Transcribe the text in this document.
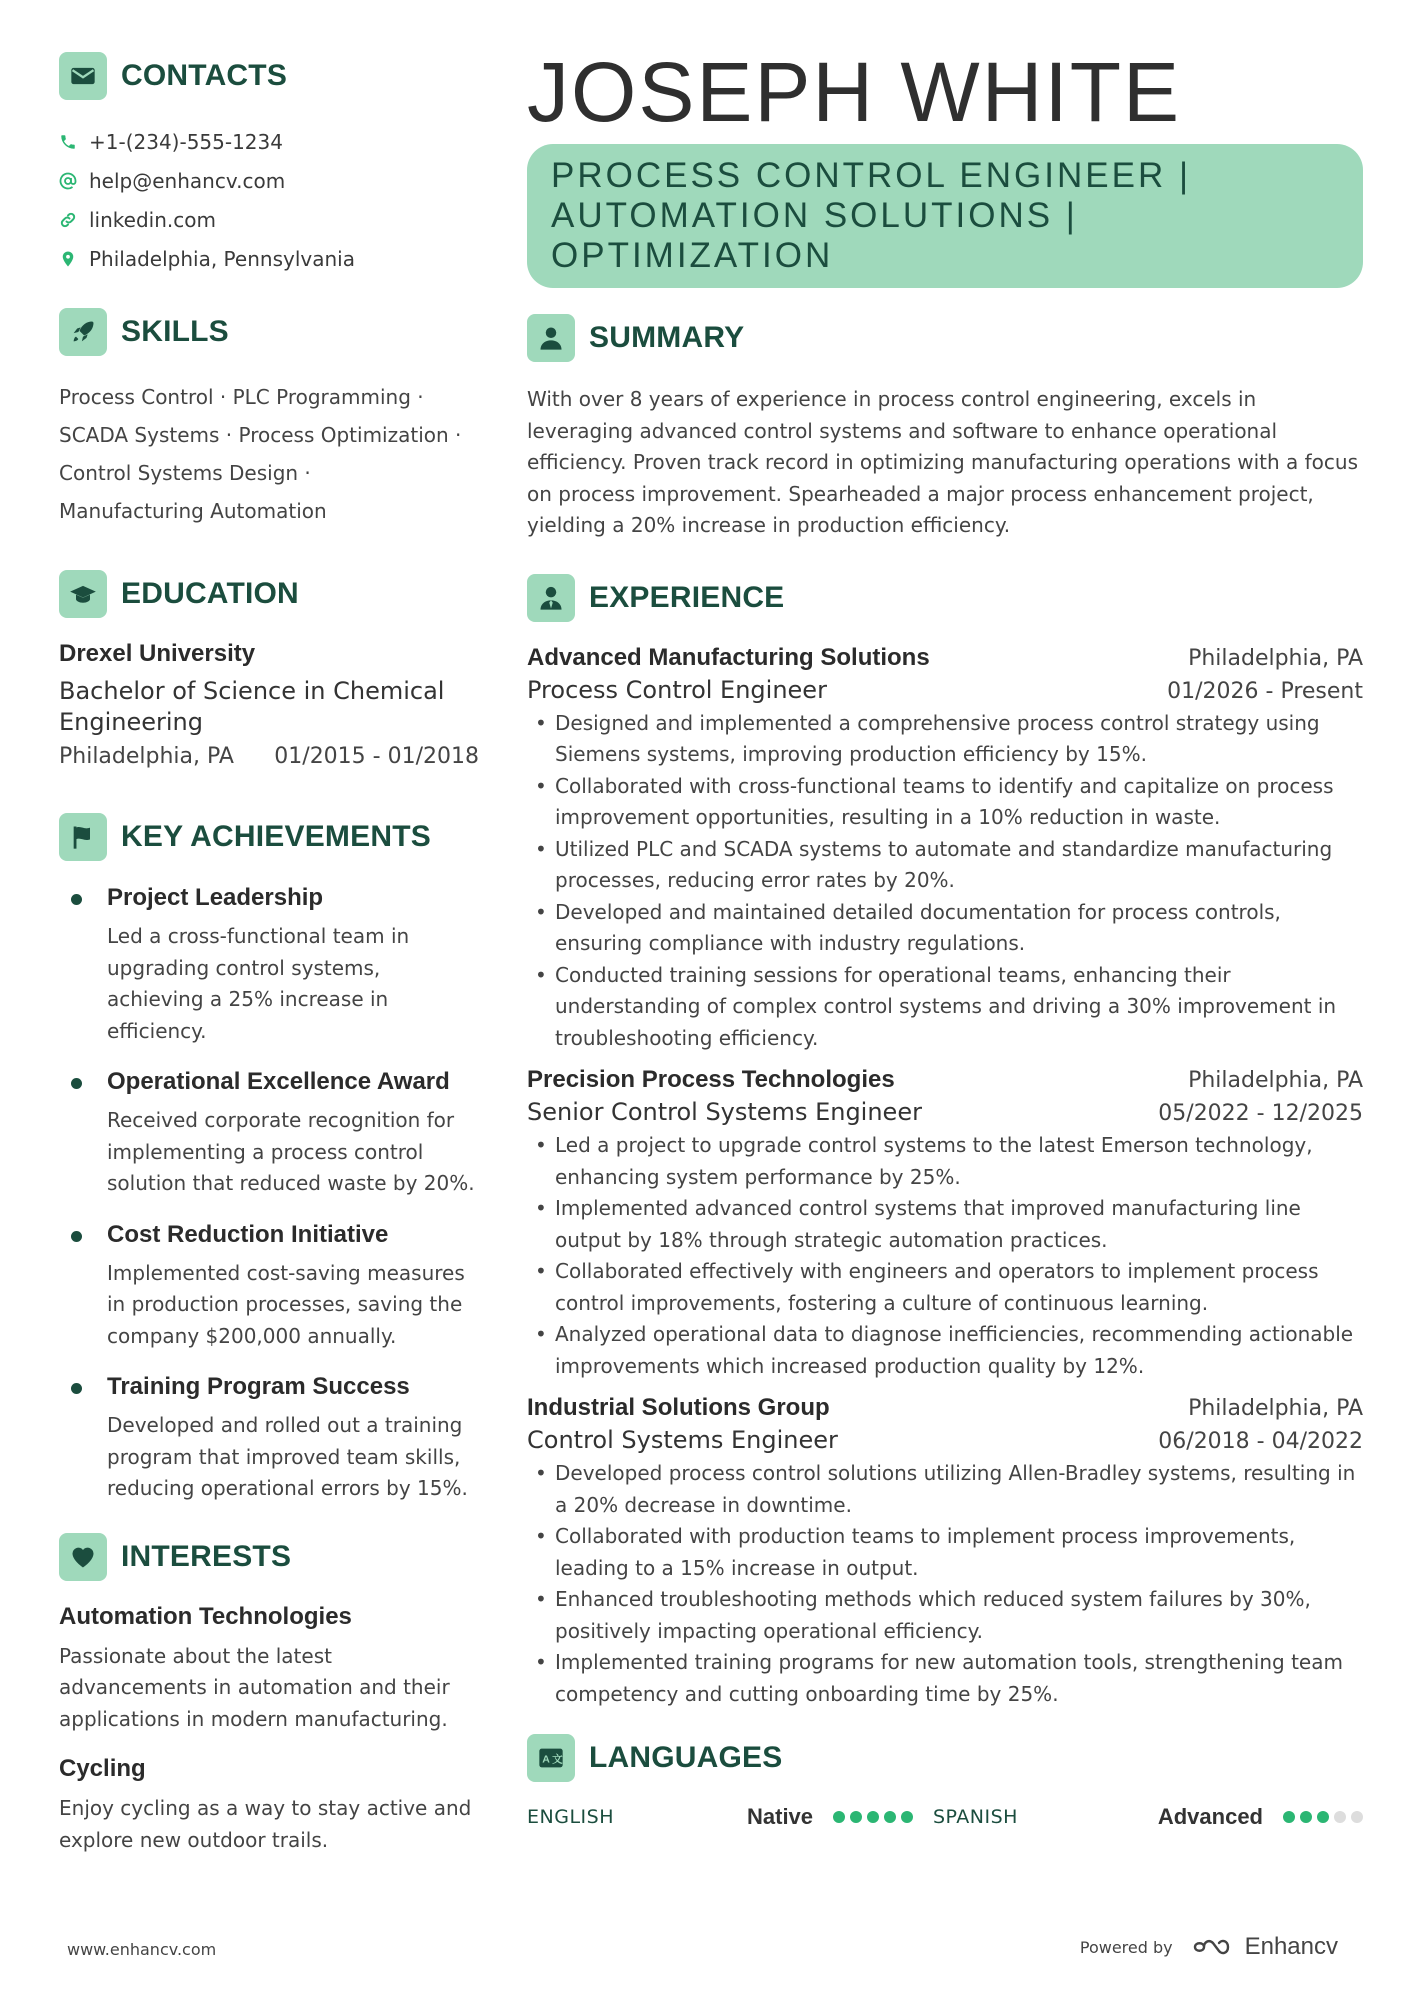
CONTACTS
+1-(234)-555-1234
help@enhancv.com
linkedin.com
Philadelphia, Pennsylvania
SKILLS
Process Control · PLC Programming ·
SCADA Systems · Process Optimization ·
Control Systems Design ·
Manufacturing Automation
EDUCATION
Drexel University
Bachelor of Science in Chemical Engineering
Philadelphia, PA 01/2015 - 01/2018
KEY ACHIEVEMENTS
Project Leadership
Led a cross-functional team in upgrading control systems, achieving a 25% increase in efficiency.
Operational Excellence Award
Received corporate recognition for implementing a process control solution that reduced waste by 20%.
Cost Reduction Initiative
Implemented cost-saving measures in production processes, saving the company $200,000 annually.
Training Program Success
Developed and rolled out a training program that improved team skills, reducing operational errors by 15%.
INTERESTS
Automation Technologies
Passionate about the latest advancements in automation and their applications in modern manufacturing.
Cycling
Enjoy cycling as a way to stay active and explore new outdoor trails.
JOSEPH WHITE
PROCESS CONTROL ENGINEER | AUTOMATION SOLUTIONS | OPTIMIZATION
SUMMARY
With over 8 years of experience in process control engineering, excels in leveraging advanced control systems and software to enhance operational efficiency. Proven track record in optimizing manufacturing operations with a focus on process improvement. Spearheaded a major process enhancement project, yielding a 20% increase in production efficiency.
EXPERIENCE
Advanced Manufacturing Solutions	Philadelphia, PA
Process Control Engineer	01/2026 - Present
• Designed and implemented a comprehensive process control strategy using Siemens systems, improving production efficiency by 15%.
• Collaborated with cross-functional teams to identify and capitalize on process improvement opportunities, resulting in a 10% reduction in waste.
• Utilized PLC and SCADA systems to automate and standardize manufacturing processes, reducing error rates by 20%.
• Developed and maintained detailed documentation for process controls, ensuring compliance with industry regulations.
• Conducted training sessions for operational teams, enhancing their understanding of complex control systems and driving a 30% improvement in troubleshooting efficiency.
Precision Process Technologies	Philadelphia, PA
Senior Control Systems Engineer	05/2022 - 12/2025
• Led a project to upgrade control systems to the latest Emerson technology, enhancing system performance by 25%.
• Implemented advanced control systems that improved manufacturing line output by 18% through strategic automation practices.
• Collaborated effectively with engineers and operators to implement process control improvements, fostering a culture of continuous learning.
• Analyzed operational data to diagnose inefficiencies, recommending actionable improvements which increased production quality by 12%.
Industrial Solutions Group	Philadelphia, PA
Control Systems Engineer	06/2018 - 04/2022
• Developed process control solutions utilizing Allen-Bradley systems, resulting in a 20% decrease in downtime.
• Collaborated with production teams to implement process improvements, leading to a 15% increase in output.
• Enhanced troubleshooting methods which reduced system failures by 30%, positively impacting operational efficiency.
• Implemented training programs for new automation tools, strengthening team competency and cutting onboarding time by 25%.
A 文 LANGUAGES
ENGLISH	Native	SPANISH	Advanced
www.enhancv.com	Powered by	Enhancv
